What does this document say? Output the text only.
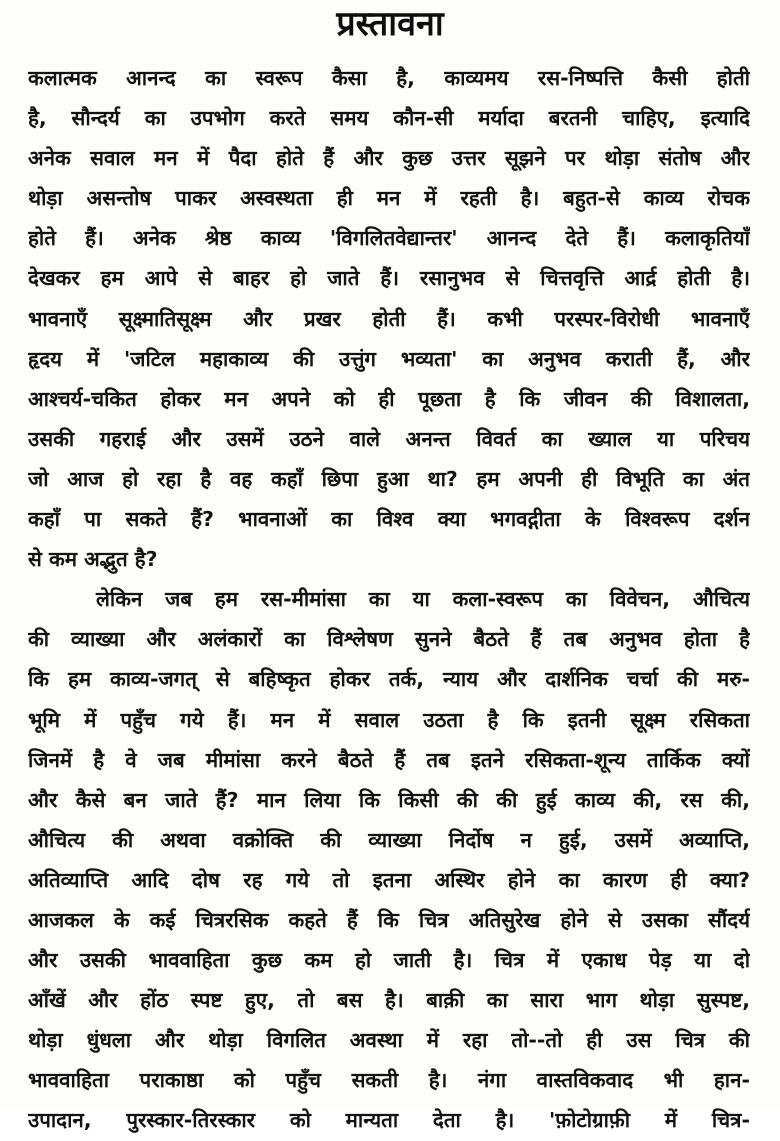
प्रस्तावना
कलात्मक आनन्द का स्वरूप कैसा है, काव्यमय रस-निष्पत्ति कैसी होती
है, सौन्दर्य का उपभोग करते समय कौन-सी मर्यादा बरतनी चाहिए, इत्यादि
अनेक सवाल मन में पैदा होते हैं और कुछ उत्तर सूझने पर थोड़ा संतोष और
थोड़ा असन्तोष पाकर अस्वस्थता ही मन में रहती है। बहुत-से काव्य रोचक
होते हैं। अनेक श्रेष्ठ काव्य 'विगलितवेद्यान्तर' आनन्द देते हैं। कलाकृतियाँ
देखकर हम आपे से बाहर हो जाते हैं। रसानुभव से चित्तवृत्ति आर्द्र होती है।
भावनाएँ सूक्ष्मातिसूक्ष्म और प्रखर होती हैं। कभी परस्पर-विरोधी भावनाएँ
हृदय में 'जटिल महाकाव्य की उत्तुंग भव्यता' का अनुभव कराती हैं, और
आश्चर्य-चकित होकर मन अपने को ही पूछता है कि जीवन की विशालता,
उसकी गहराई और उसमें उठने वाले अनन्त विवर्त का ख्याल या परिचय
जो आज हो रहा है वह कहाँ छिपा हुआ था? हम अपनी ही विभूति का अंत
कहाँ पा सकते हैं? भावनाओं का विश्व क्या भगवद्गीता के विश्वरूप दर्शन
से कम अद्भुत है?
लेकिन जब हम रस-मीमांसा का या कला-स्वरूप का विवेचन, औचित्य
की व्याख्या और अलंकारों का विश्लेषण सुनने बैठते हैं तब अनुभव होता है
कि हम काव्य-जगत् से बहिष्कृत होकर तर्क, न्याय और दार्शनिक चर्चा की मरु-
भूमि में पहुँच गये हैं। मन में सवाल उठता है कि इतनी सूक्ष्म रसिकता
जिनमें है वे जब मीमांसा करने बैठते हैं तब इतने रसिकता-शून्य तार्किक क्यों
और कैसे बन जाते हैं? मान लिया कि किसी की की हुई काव्य की, रस की,
औचित्य की अथवा वक्रोक्ति की व्याख्या निर्दोष न हुई, उसमें अव्याप्ति,
अतिव्याप्ति आदि दोष रह गये तो इतना अस्थिर होने का कारण ही क्या?
आजकल के कई चित्ररसिक कहते हैं कि चित्र अतिसुरेख होने से उसका सौंदर्य
और उसकी भाववाहिता कुछ कम हो जाती है। चित्र में एकाध पेड़ या दो
आँखें और होंठ स्पष्ट हुए, तो बस है। बाक़ी का सारा भाग थोड़ा सुस्पष्ट,
थोड़ा धुंधला और थोड़ा विगलित अवस्था में रहा तो--तो ही उस चित्र की
भाववाहिता पराकाष्ठा को पहुँच सकती है। नंगा वास्तविकवाद भी हान-
उपादान, पुरस्कार-तिरस्कार को मान्यता देता है। 'फ़ोटोग्राफ़ी में चित्र-
